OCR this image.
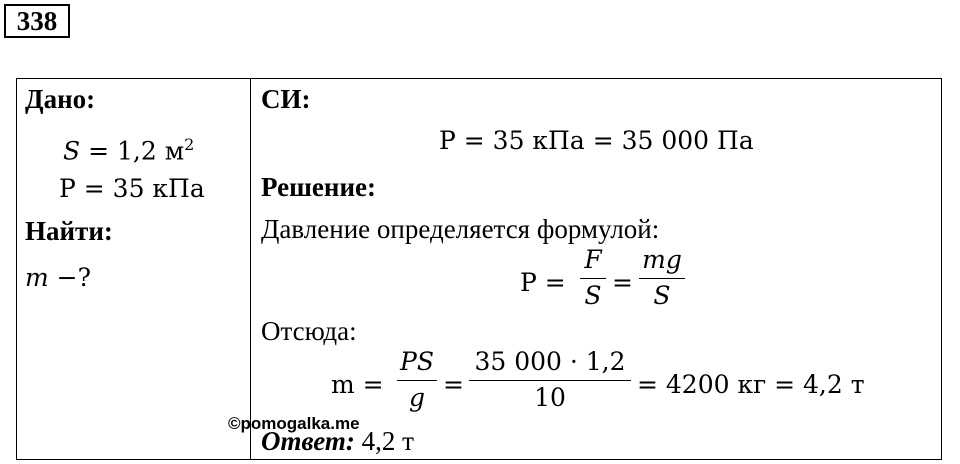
338
Дано:
S = 1,2 $м^2$
P = 35 кПа
Найти:
m −?
СИ:
P = 35 кПа = 35 000 Па
Решение:
Давление определяется формулой:
P =
F
S =
mg
S
Отсюда:
m =
PS
g =
35 000 · 1,2
10	= 4200 кг = 4,2 т
Ответ: 4,2 т
©pomogalka.me
